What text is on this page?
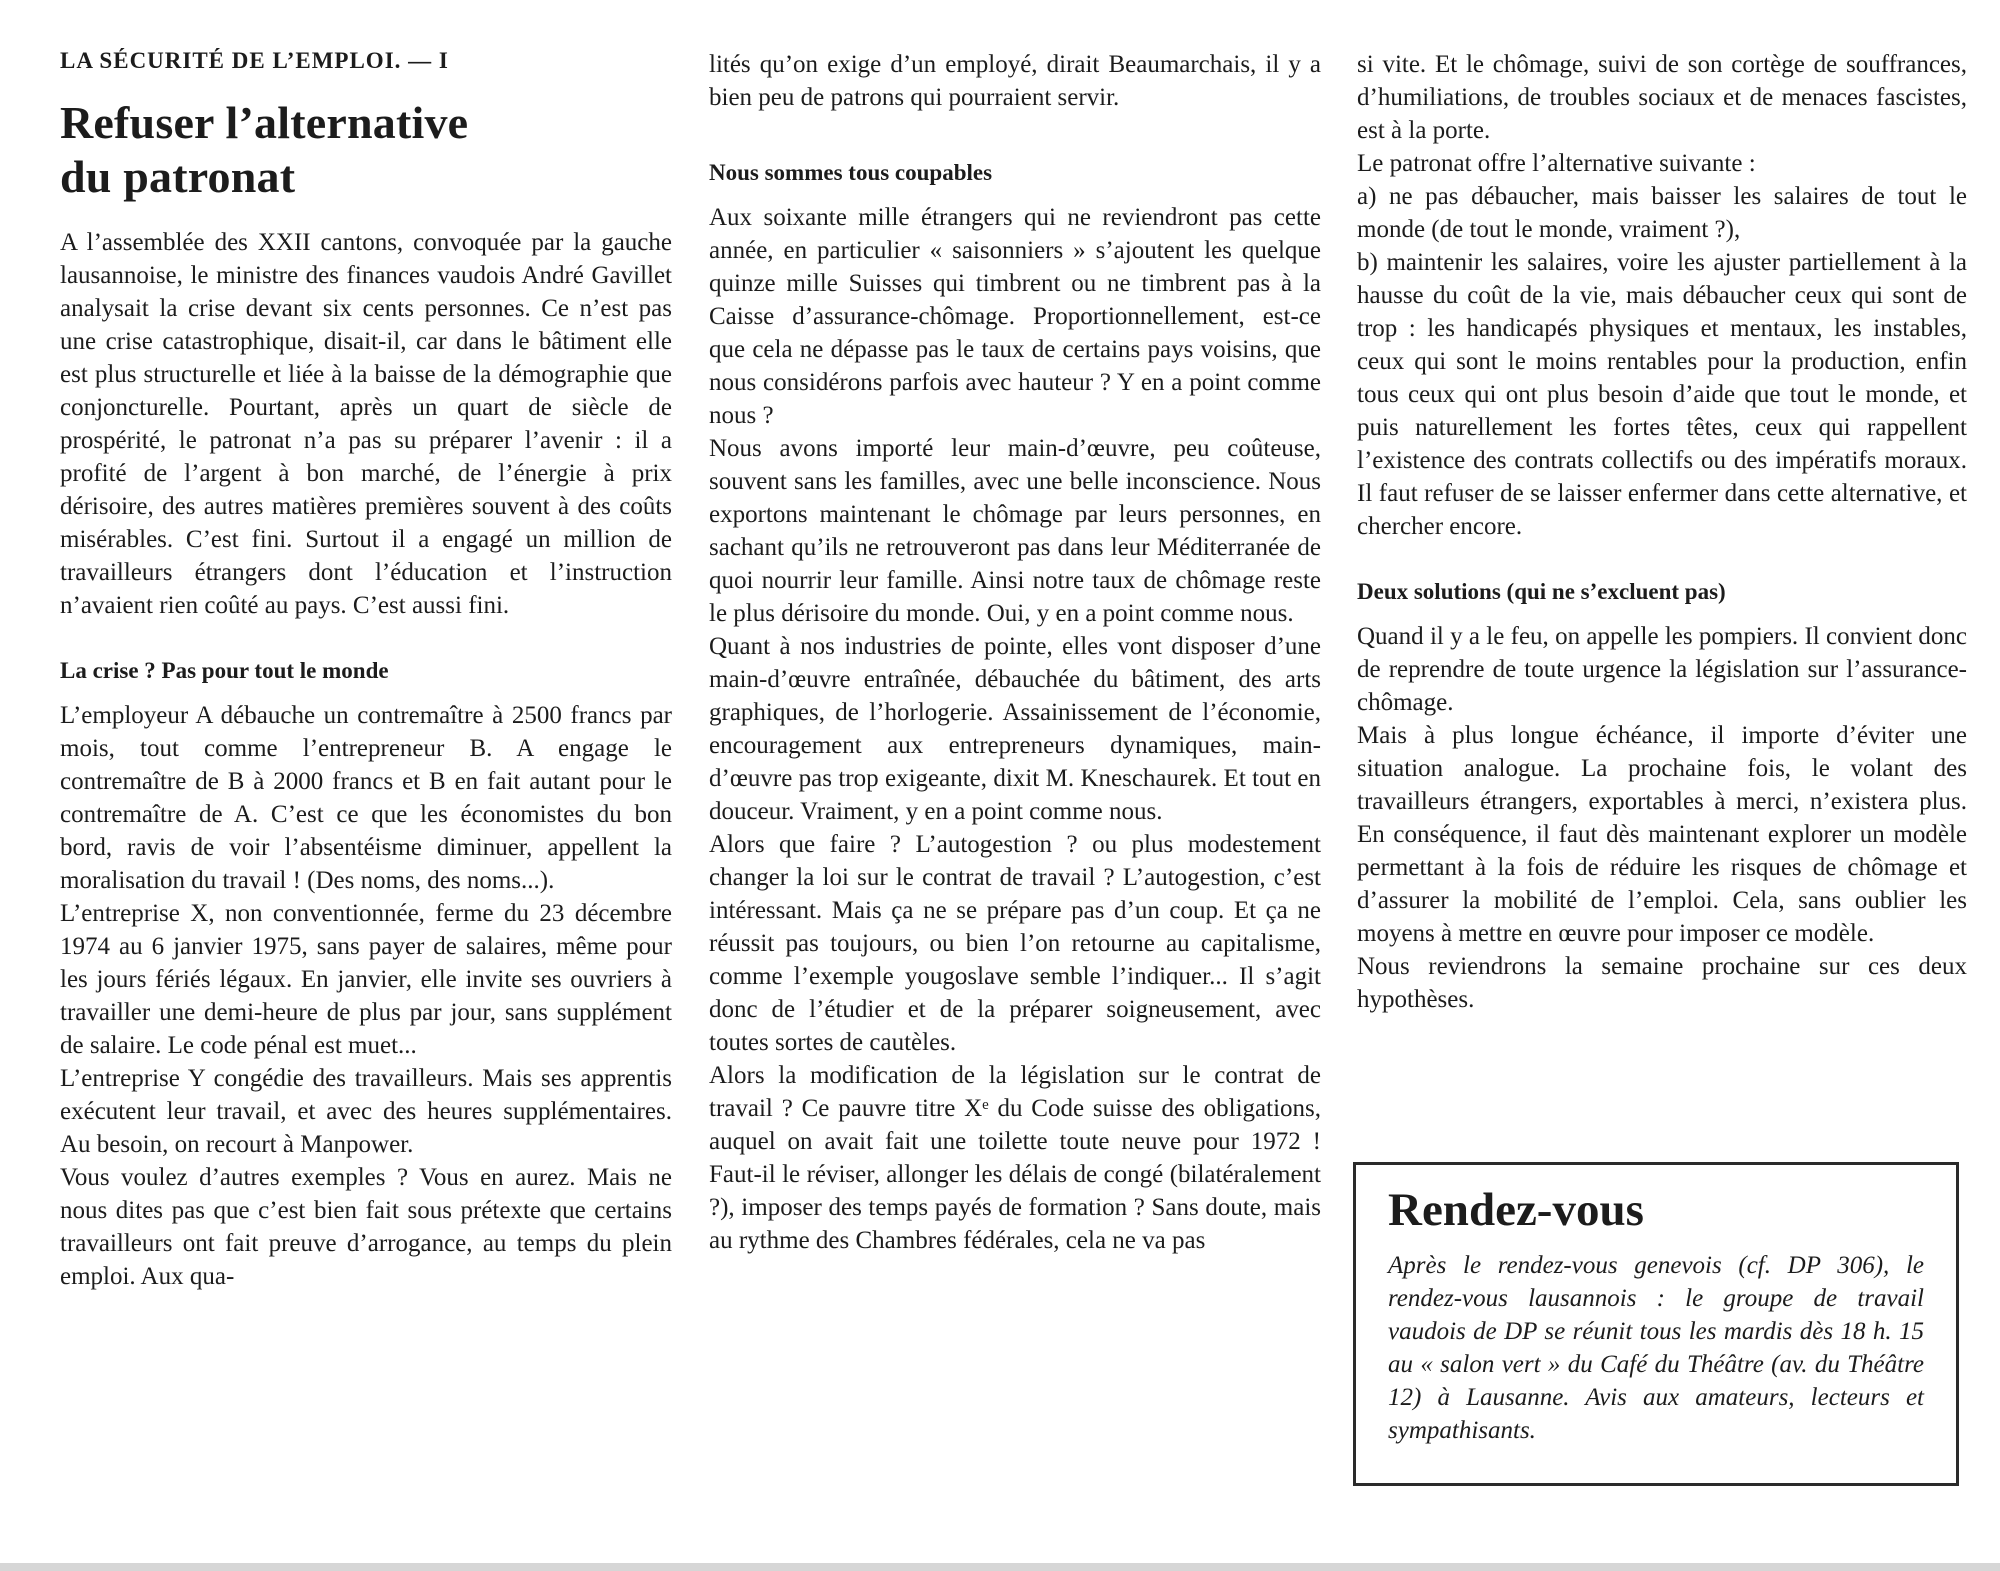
LA SÉCURITÉ DE L’EMPLOI. — I
Refuser l’alternative
du patronat

A l’assemblée des XXII cantons, convoquée par la gauche lausannoise, le ministre des finances vaudois André Gavillet analysait la crise devant six cents personnes. Ce n’est pas une crise catastrophique, disait-il, car dans le bâtiment elle est plus structurelle et liée à la baisse de la démographie que conjoncturelle. Pourtant, après un quart de siècle de prospérité, le patronat n’a pas su préparer l’avenir : il a profité de l’argent à bon marché, de l’énergie à prix dérisoire, des autres matières premières souvent à des coûts misérables. C’est fini. Surtout il a engagé un million de travailleurs étrangers dont l’éducation et l’instruction n’avaient rien coûté au pays. C’est aussi fini.

La crise ? Pas pour tout le monde

L’employeur A débauche un contremaître à 2500 francs par mois, tout comme l’entrepreneur B. A engage le contremaître de B à 2000 francs et B en fait autant pour le contremaître de A. C’est ce que les économistes du bon bord, ravis de voir l’absentéisme diminuer, appellent la moralisation du travail ! (Des noms, des noms...).

L’entreprise X, non conventionnée, ferme du 23 décembre 1974 au 6 janvier 1975, sans payer de salaires, même pour les jours fériés légaux. En janvier, elle invite ses ouvriers à travailler une demi-heure de plus par jour, sans supplément de salaire. Le code pénal est muet...

L’entreprise Y congédie des travailleurs. Mais ses apprentis exécutent leur travail, et avec des heures supplémentaires. Au besoin, on recourt à Manpower.

Vous voulez d’autres exemples ? Vous en aurez. Mais ne nous dites pas que c’est bien fait sous prétexte que certains travailleurs ont fait preuve d’arrogance, au temps du plein emploi. Aux qua-

lités qu’on exige d’un employé, dirait Beaumarchais, il y a bien peu de patrons qui pourraient servir.

Nous sommes tous coupables

Aux soixante mille étrangers qui ne reviendront pas cette année, en particulier « saisonniers » s’ajoutent les quelque quinze mille Suisses qui timbrent ou ne timbrent pas à la Caisse d’assurance-chômage. Proportionnellement, est-ce que cela ne dépasse pas le taux de certains pays voisins, que nous considérons parfois avec hauteur ? Y en a point comme nous ?

Nous avons importé leur main-d’œuvre, peu coûteuse, souvent sans les familles, avec une belle inconscience. Nous exportons maintenant le chômage par leurs personnes, en sachant qu’ils ne retrouveront pas dans leur Méditerranée de quoi nourrir leur famille. Ainsi notre taux de chômage reste le plus dérisoire du monde. Oui, y en a point comme nous.

Quant à nos industries de pointe, elles vont disposer d’une main-d’œuvre entraînée, débauchée du bâtiment, des arts graphiques, de l’horlogerie. Assainissement de l’économie, encouragement aux entrepreneurs dynamiques, main-d’œuvre pas trop exigeante, dixit M. Kneschaurek. Et tout en douceur. Vraiment, y en a point comme nous.

Alors que faire ? L’autogestion ? ou plus modestement changer la loi sur le contrat de travail ? L’autogestion, c’est intéressant. Mais ça ne se prépare pas d’un coup. Et ça ne réussit pas toujours, ou bien l’on retourne au capitalisme, comme l’exemple yougoslave semble l’indiquer... Il s’agit donc de l’étudier et de la préparer soigneusement, avec toutes sortes de cautèles.

Alors la modification de la législation sur le contrat de travail ? Ce pauvre titre Xᵉ du Code suisse des obligations, auquel on avait fait une toilette toute neuve pour 1972 ! Faut-il le réviser, allonger les délais de congé (bilatéralement ?), imposer des temps payés de formation ? Sans doute, mais au rythme des Chambres fédérales, cela ne va pas

si vite. Et le chômage, suivi de son cortège de souffrances, d’humiliations, de troubles sociaux et de menaces fascistes, est à la porte.

Le patronat offre l’alternative suivante :

a) ne pas débaucher, mais baisser les salaires de tout le monde (de tout le monde, vraiment ?),

b) maintenir les salaires, voire les ajuster partiellement à la hausse du coût de la vie, mais débaucher ceux qui sont de trop : les handicapés physiques et mentaux, les instables, ceux qui sont le moins rentables pour la production, enfin tous ceux qui ont plus besoin d’aide que tout le monde, et puis naturellement les fortes têtes, ceux qui rappellent l’existence des contrats collectifs ou des impératifs moraux. Il faut refuser de se laisser enfermer dans cette alternative, et chercher encore.

Deux solutions (qui ne s’excluent pas)

Quand il y a le feu, on appelle les pompiers. Il convient donc de reprendre de toute urgence la législation sur l’assurance-chômage.

Mais à plus longue échéance, il importe d’éviter une situation analogue. La prochaine fois, le volant des travailleurs étrangers, exportables à merci, n’existera plus. En conséquence, il faut dès maintenant explorer un modèle permettant à la fois de réduire les risques de chômage et d’assurer la mobilité de l’emploi. Cela, sans oublier les moyens à mettre en œuvre pour imposer ce modèle.

Nous reviendrons la semaine prochaine sur ces deux hypothèses.

Rendez-vous
Après le rendez-vous genevois (cf. DP 306), le rendez-vous lausannois : le groupe de travail vaudois de DP se réunit tous les mardis dès 18 h. 15 au « salon vert » du Café du Théâtre (av. du Théâtre 12) à Lausanne. Avis aux amateurs, lecteurs et sympathisants.
